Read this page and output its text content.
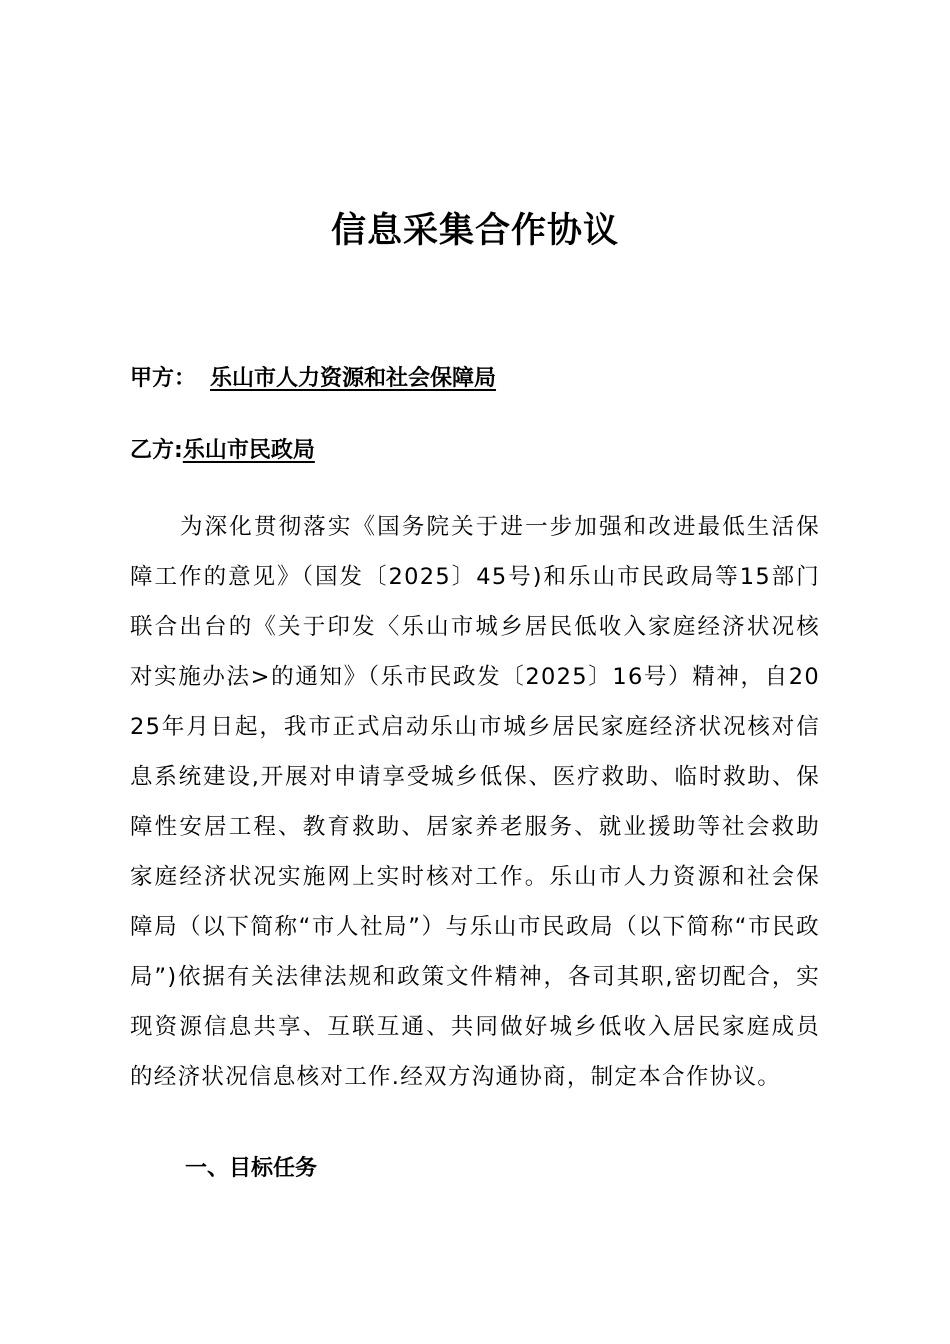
信息采集合作协议
甲方： 乐山市人力资源和社会保障局
乙方:乐山市民政局

为深化贯彻落实《国务院关于进一步加强和改进最低生活保障工作的意见》（国发〔2025〕45号)和乐山市民政局等15部门联合出台的《关于印发〈乐山市城乡居民低收入家庭经济状况核对实施办法>的通知》（乐市民政发〔2025〕16号）精神，自2025年月日起，我市正式启动乐山市城乡居民家庭经济状况核对信息系统建设,开展对申请享受城乡低保、医疗救助、临时救助、保障性安居工程、教育救助、居家养老服务、就业援助等社会救助家庭经济状况实施网上实时核对工作。乐山市人力资源和社会保障局（以下简称“市人社局”）与乐山市民政局（以下简称“市民政局”)依据有关法律法规和政策文件精神，各司其职,密切配合，实现资源信息共享、互联互通、共同做好城乡低收入居民家庭成员的经济状况信息核对工作.经双方沟通协商，制定本合作协议。

一、目标任务
